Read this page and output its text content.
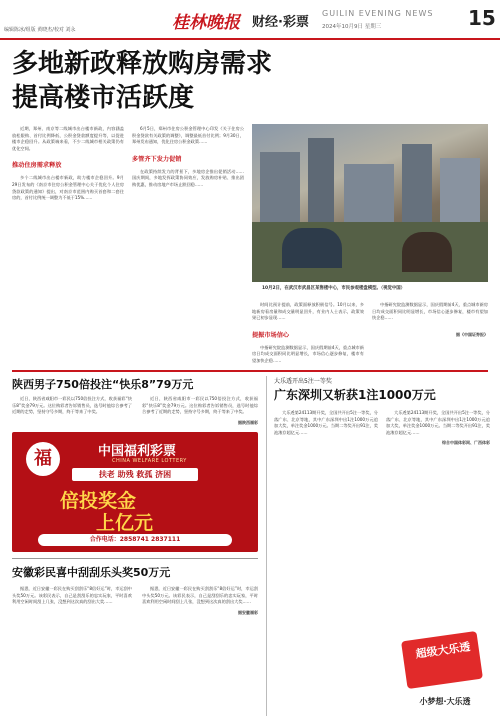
编辑陈冰/组版 黄晓杰/校对 刘永	桂林晚报 财经·彩票
GUILIN EVENING NEWS
2024年10月9日 星期三	15
多地新政释放购房需求
提高楼市活跃度
近期，郑州、南京等二线城市出台楼市新政，内容涵盖放松限购、首付比例降低、公积金贷款额度提升等，以促进楼市企稳回升。从政策端来看，不少二线城市相关政策仍有优化空间。
推动住房需求释放
多个二线城市出台楼市新政，助力楼市企稳回升。9月29日发布的《南京市住房公积金管理中心关于优化个人住房贷款政策的通知》提出，对南京市范围内购买首套和二套住房的，首付比例统一调整为不低于15%……
6月5日，郑州市住房公积金管理中心印发《关于住房公积金贷款有关政策的调整》，调整最低首付比例；9月30日，郑州发布通知，优化住房公积金政策……
多管齐下发力促销
在政策持续发力的背景下，多地房企推出促销活动……国庆期间，多地发挥政策协同效应，发放购房补贴、推出团购优惠，推动房地产市场止跌回稳……
10月2日，在武汉市武昌区某售楼中心，市民参观楼盘模型。（视觉中国）
时间比预计提前，政策面释放积极信号。10月以来，多地新房看房量和成交量明显回升，有业内人士表示，政策效果已初步显现……
提振市场信心
中指研究院监测数据显示，国庆假期前4天，重点城市新房日均成交面积同比明显增长，市场信心逐步修复，楼市有望加快企稳……
中指研究院监测数据显示，国庆假期前4天，重点城市新房日均成交面积同比明显增长，市场信心逐步修复，楼市有望加快企稳……
据《中国证券报》
陕西男子750倍投注“快乐8”79万元
近日，陕西省咸阳市一彩民以750倍投注方式，收获福彩“快乐8”奖金79万元。这位购彩者告诉销售员，选号时他综合参考了近期的走势，坚持守号多期，终于等来了中奖。
近日，陕西省咸阳市一彩民以750倍投注方式，收获福彩“快乐8”奖金79万元。这位购彩者告诉销售员，选号时他综合参考了近期的走势，坚持守号多期，终于等来了中奖。
据陕西福彩
中国福利彩票
CHINA WELFARE LOTTERY
扶老 助残 救孤 济困
福
倍投奖金
上亿元
合作电话：2858741 2837111
安徽彩民喜中刮刮乐头奖50万元
据悉，近日安徽一彩民在购买刮刮乐“8倍好运”时，幸运刮中头奖50万元。该彩民表示，自己是刮刮乐的忠实玩家，平时喜欢利用空闲时间刮上几张，没想到这次真的刮出大奖……
据悉，近日安徽一彩民在购买刮刮乐“8倍好运”时，幸运刮中头奖50万元。该彩民表示，自己是刮刮乐的忠实玩家，平时喜欢利用空闲时间刮上几张，没想到这次真的刮出大奖……
据安徽福彩
大乐透开出5注一等奖
广东深圳又斩获1注1000万元
大乐透第24113期开奖，全国共开出5注一等奖，分落广东、北京等地，其中广东深圳中出1注1000万元追加大奖，单注奖金1000万元。当期二等奖开出91注，奖池滚存超亿元……
大乐透第24113期开奖，全国共开出5注一等奖，分落广东、北京等地，其中广东深圳中出1注1000万元追加大奖，单注奖金1000万元。当期二等奖开出91注，奖池滚存超亿元……
综合中国体彩网、广西体彩
超级大乐透
小梦想·大乐透
